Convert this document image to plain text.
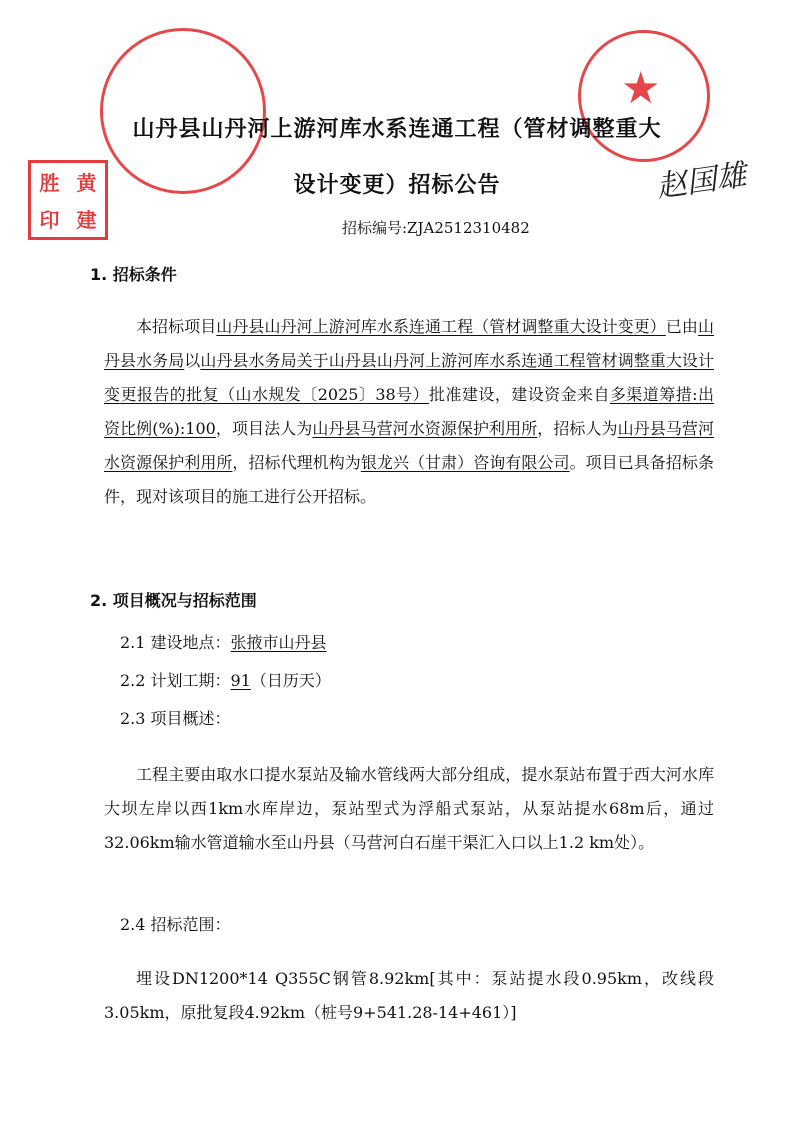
★
胜 黄
印 建
赵国雄
山丹县山丹河上游河库水系连通工程（管材调整重大
设计变更）招标公告
招标编号:ZJA2512310482
1. 招标条件
本招标项目山丹县山丹河上游河库水系连通工程（管材调整重大设计变更）已由山丹县水务局以山丹县水务局关于山丹县山丹河上游河库水系连通工程管材调整重大设计变更报告的批复（山水规发〔2025〕38号）批准建设，建设资金来自多渠道筹措:出资比例(%):100，项目法人为山丹县马营河水资源保护利用所，招标人为山丹县马营河水资源保护利用所，招标代理机构为银龙兴（甘肃）咨询有限公司。项目已具备招标条件，现对该项目的施工进行公开招标。
2. 项目概况与招标范围
2.1 建设地点：张掖市山丹县
2.2 计划工期：91（日历天）
2.3 项目概述：
工程主要由取水口提水泵站及输水管线两大部分组成，提水泵站布置于西大河水库大坝左岸以西1km水库岸边，泵站型式为浮船式泵站，从泵站提水68m后，通过32.06km输水管道输水至山丹县（马营河白石崖干渠汇入口以上1.2 km处）。
2.4 招标范围：
埋设DN1200*14 Q355C钢管8.92km[其中：泵站提水段0.95km，改线段3.05km，原批复段4.92km（桩号9+541.28-14+461）]
